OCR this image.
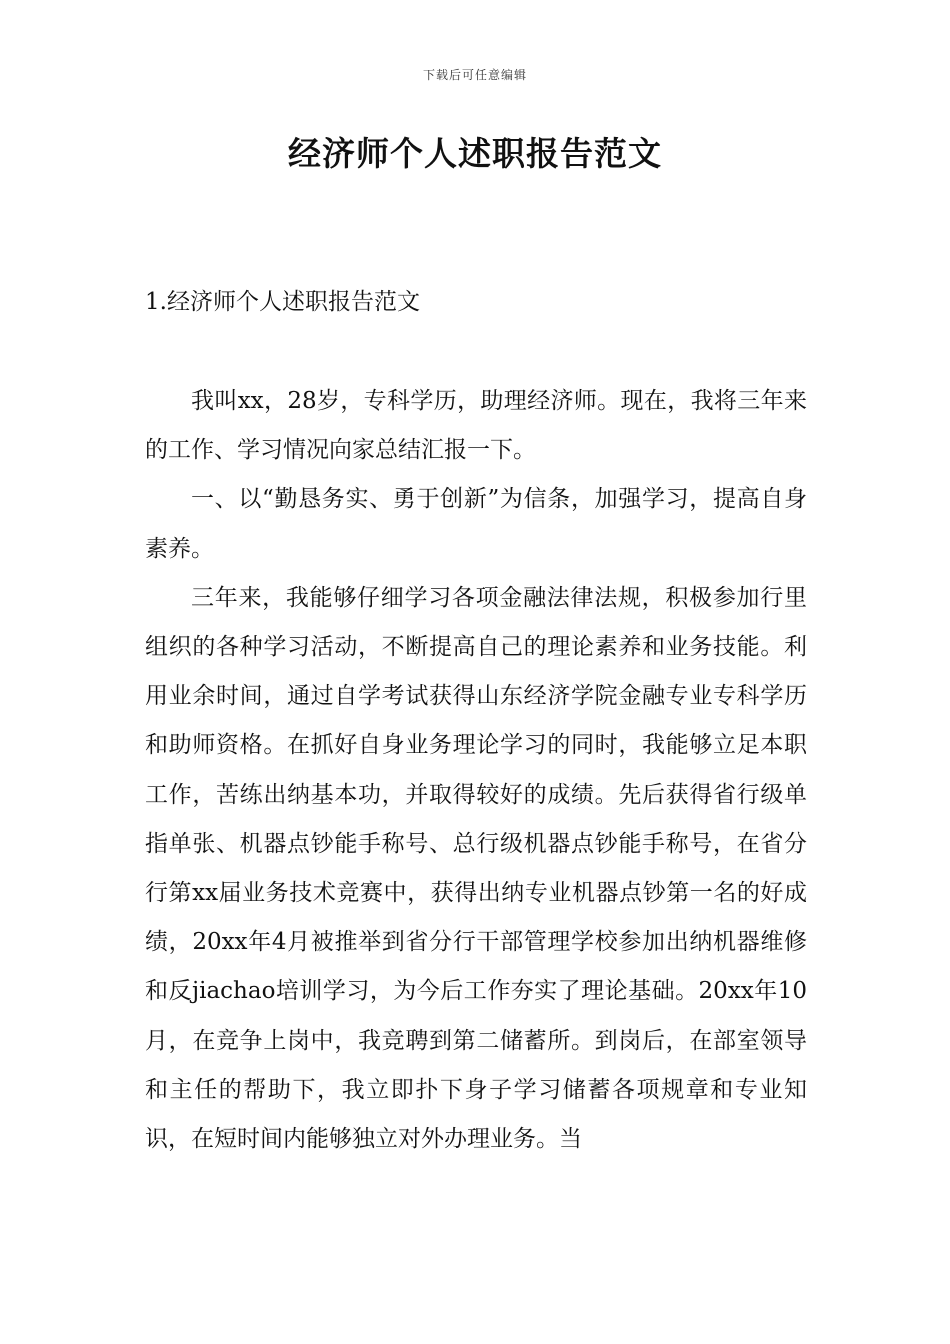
下载后可任意编辑
经济师个人述职报告范文
1.经济师个人述职报告范文

我叫xx，28岁，专科学历，助理经济师。现在，我将三年来的工作、学习情况向家总结汇报一下。

一、以“勤恳务实、勇于创新”为信条，加强学习，提高自身素养。

三年来，我能够仔细学习各项金融法律法规，积极参加行里组织的各种学习活动，不断提高自己的理论素养和业务技能。利用业余时间，通过自学考试获得山东经济学院金融专业专科学历和助师资格。在抓好自身业务理论学习的同时，我能够立足本职工作，苦练出纳基本功，并取得较好的成绩。先后获得省行级单指单张、机器点钞能手称号、总行级机器点钞能手称号，在省分行第xx届业务技术竞赛中，获得出纳专业机器点钞第一名的好成绩，20xx年4月被推举到省分行干部管理学校参加出纳机器维修和反jiachao培训学习，为今后工作夯实了理论基础。20xx年10月，在竞争上岗中，我竞聘到第二储蓄所。到岗后，在部室领导和主任的帮助下，我立即扑下身子学习储蓄各项规章和专业知识，在短时间内能够独立对外办理业务。当
